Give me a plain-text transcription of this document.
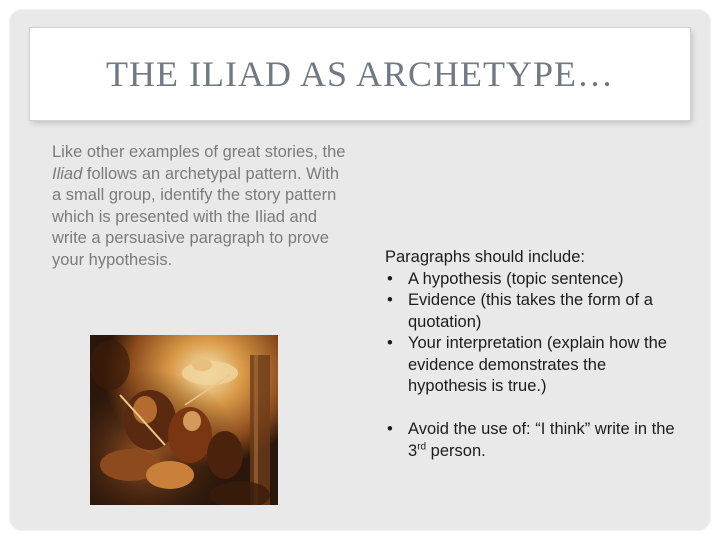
THE ILIAD AS ARCHETYPE…
Like other examples of great stories, the Iliad follows an archetypal pattern. With a small group, identify the story pattern which is presented with the Iliad and write a persuasive paragraph to prove your hypothesis.	Paragraphs should include:
• A hypothesis (topic sentence)
• Evidence (this takes the form of a quotation)
• Your interpretation (explain how the evidence demonstrates the hypothesis is true.)
• Avoid the use of: “I think” write in the 3rd person.
